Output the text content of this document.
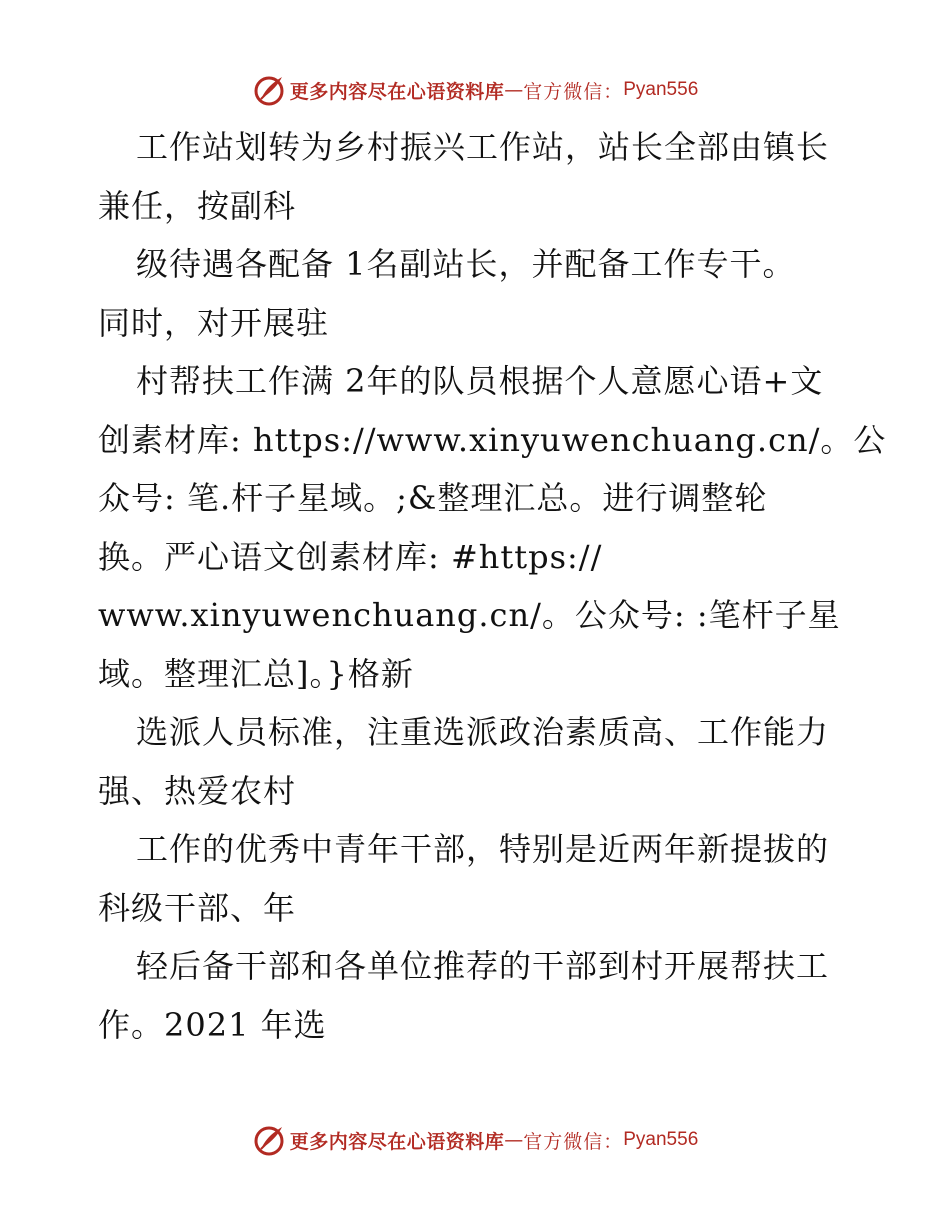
更多内容尽在心语资料库 — 官方微信： Pyan556
工作站划转为乡村振兴工作站，站长全部由镇长
兼任，按副科
级待遇各配备 1名副站长，并配备工作专干。
同时，对开展驻
村帮扶工作满 2年的队员根据个人意愿心语+文
创素材库: https://www.xinyuwenchuang.cn/。公
众号: 笔.杆子星域。;&整理汇总。进行调整轮
换。严心语文创素材库: #https://
www.xinyuwenchuang.cn/。公众号: :笔杆子星
域。整理汇总]。}格新
选派人员标准，注重选派政治素质高、工作能力
强、热爱农村
工作的优秀中青年干部，特别是近两年新提拔的
科级干部、年
轻后备干部和各单位推荐的干部到村开展帮扶工
作。2021 年选
更多内容尽在心语资料库 — 官方微信： Pyan556
